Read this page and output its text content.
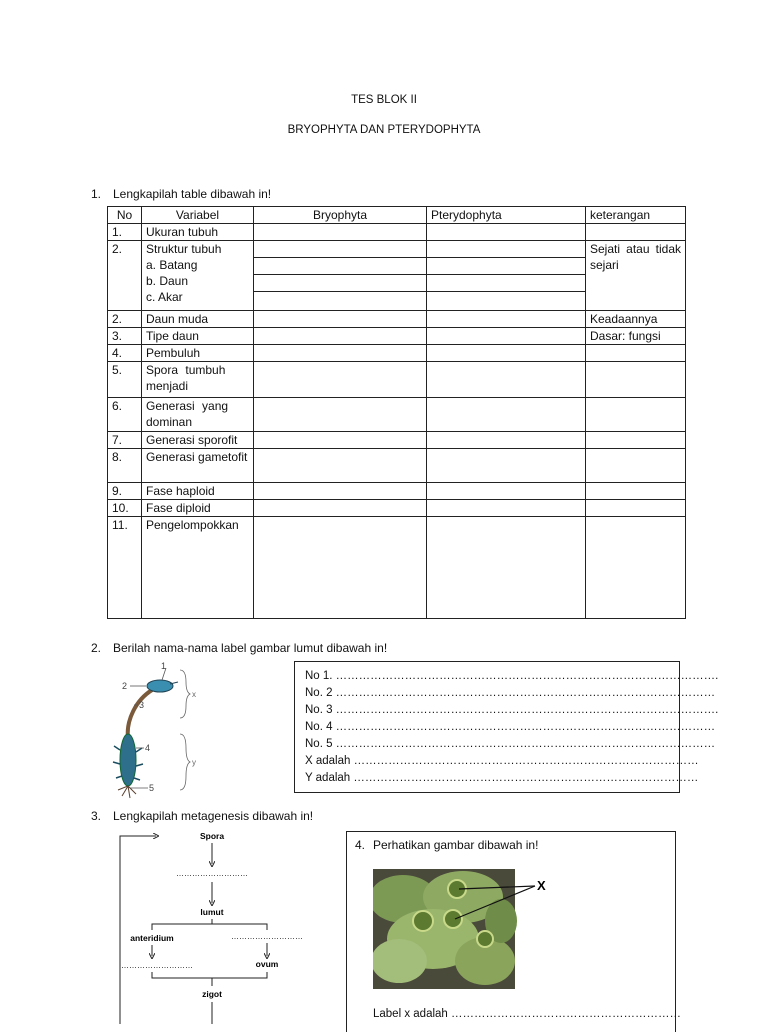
TES BLOK II
BRYOPHYTA DAN PTERYDOPHYTA
1. Lengkapilah table dibawah in!
No	Variabel	Bryophyta	Pterydophyta	keterangan
1.	Ukuran tubuh			
2.	Struktur tubuh
a. Batang
b. Daun
c. Akar			Sejati atau tidak sejari
2.	Daun muda			Keadaannya
3.	Tipe daun			Dasar: fungsi
4.	Pembuluh			
5.	Spora tumbuh menjadi			
6.	Generasi yang dominan			
7.	Generasi sporofit			
8.	Generasi gametofit			
9.	Fase haploid			
10.	Fase diploid			
11.	Pengelompokkan			
2. Berilah nama-nama label gambar lumut dibawah in!
1
2
3
4
5
x
y
No 1. ……………………………………………………………………………………….
No. 2 ………………………………………………………………………………………
No. 3 ……………………………………………………………………………………….
No. 4 ………………………………………………………………………………………
No. 5 ………………………………………………………………………………………
X adalah ………………………………………………………………………………
Y adalah ………………………………………………………………………………
3. Lengkapilah metagenesis dibawah in!
Spora
………………………
lumut
anteridium	………………………
………………………	ovum
zigot
4. Perhatikan gambar dibawah in!
X
Label x adalah ……………………………………………………
